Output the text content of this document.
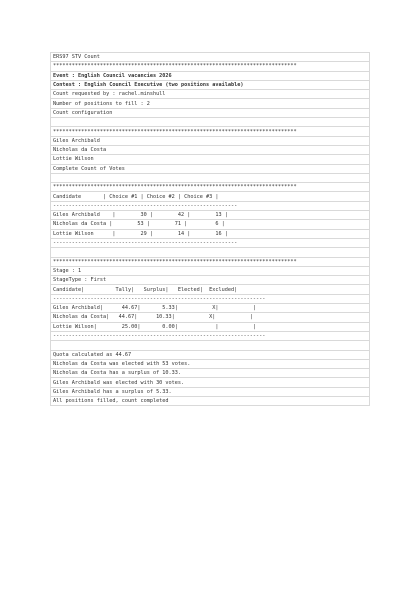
ERS97 STV Count
******************************************************************************
Event : English Council vacancies 2026
Contest : English Council Executive (two positions available)
Count requested by : rachel.minshull
Number of positions to fill : 2
Count configuration

******************************************************************************
Giles Archibald
Nicholas da Costa
Lottie Wilson
Complete Count of Votes

******************************************************************************
Candidate       | Choice #1 | Choice #2 | Choice #3 |
-----------------------------------------------------------
Giles Archibald    |        30 |        42 |        13 |
Nicholas da Costa |        53 |        71 |         6 |
Lottie Wilson      |        29 |        14 |        16 |
-----------------------------------------------------------

******************************************************************************
Stage : 1
StageType : First
Candidate|          Tally|   Surplus|   Elected|  Excluded|
--------------------------------------------------------------------
Giles Archibald|      44.67|       5.33|           X|           |
Nicholas da Costa|   44.67|      10.33|           X|           |
Lottie Wilson|        25.00|       0.00|            |           |
--------------------------------------------------------------------

Quota calculated as 44.67
Nicholas da Costa was elected with 53 votes.
Nicholas da Costa has a surplus of 10.33.
Giles Archibald was elected with 30 votes.
Giles Archibald has a surplus of 5.33.
All positions filled, count completed
